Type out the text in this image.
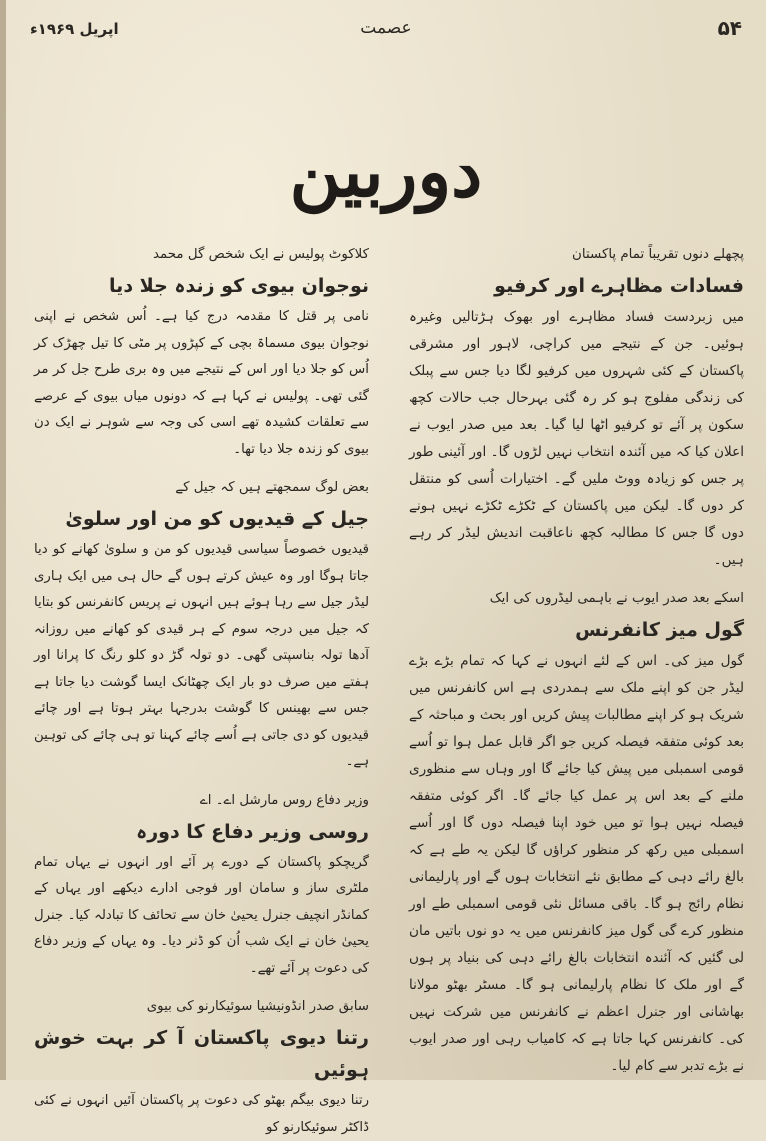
۵۴
عصمت
اپریل ۱۹۶۹ء
دوربین
پچھلے دنوں تقریباً تمام پاکستان
فسادات مظاہرے اور کرفیو

میں زبردست فساد مظاہرے اور بھوک ہڑتالیں وغیرہ ہوئیں۔ جن کے نتیجے میں کراچی، لاہور اور مشرقی پاکستان کے کئی شہروں میں کرفیو لگا دیا جس سے پبلک کی زندگی مفلوج ہو کر رہ گئی بہرحال جب حالات کچھ سکون پر آئے تو کرفیو اٹھا لیا گیا۔ بعد میں صدر ایوب نے اعلان کیا کہ میں آئندہ انتخاب نہیں لڑوں گا۔ اور آئینی طور پر جس کو زیادہ ووٹ ملیں گے۔ اختیارات اُسی کو منتقل کر دوں گا۔ لیکن میں پاکستان کے ٹکڑے ٹکڑے نہیں ہونے دوں گا جس کا مطالبہ کچھ ناعاقبت اندیش لیڈر کر رہے ہیں۔

اسکے بعد صدر ایوب نے باہمی لیڈروں کی ایک
گول میز کانفرنس

گول میز کی۔ اس کے لئے انہوں نے کہا کہ تمام بڑے بڑے لیڈر جن کو اپنے ملک سے ہمدردی ہے اس کانفرنس میں شریک ہو کر اپنے مطالبات پیش کریں اور بحث و مباحثہ کے بعد کوئی متفقہ فیصلہ کریں جو اگر قابل عمل ہوا تو اُسے قومی اسمبلی میں پیش کیا جائے گا اور وہاں سے منظوری ملنے کے بعد اس پر عمل کیا جائے گا۔ اگر کوئی متفقہ فیصلہ نہیں ہوا تو میں خود اپنا فیصلہ دوں گا اور اُسے اسمبلی میں رکھ کر منظور کراؤں گا لیکن یہ طے ہے کہ بالغ رائے دہی کے مطابق نئے انتخابات ہوں گے اور پارلیمانی نظام رائج ہو گا۔ باقی مسائل نئی قومی اسمبلی طے اور منظور کرے گی گول میز کانفرنس میں یہ دو نوں باتیں مان لی گئیں کہ آئندہ انتخابات بالغ رائے دہی کی بنیاد پر ہوں گے اور ملک کا نظام پارلیمانی ہو گا۔ مسٹر بھٹو مولانا بھاشانی اور جنرل اعظم نے کانفرنس میں شرکت نہیں کی۔ کانفرنس کہا جاتا ہے کہ کامیاب رہی اور صدر ایوب نے بڑے تدبر سے کام لیا۔

کلاکوٹ پولیس نے ایک شخص گل محمد
نوجوان بیوی کو زندہ جلا دیا

نامی پر قتل کا مقدمہ درج کیا ہے۔ اُس شخص نے اپنی نوجوان بیوی مسماۃ بچی کے کپڑوں پر مٹی کا تیل چھڑک کر اُس کو جلا دیا اور اس کے نتیجے میں وہ بری طرح جل کر مر گئی تھی۔ پولیس نے کہا ہے کہ دونوں میاں بیوی کے عرصے سے تعلقات کشیدہ تھے اسی کی وجہ سے شوہر نے ایک دن بیوی کو زندہ جلا دیا تھا۔

بعض لوگ سمجھتے ہیں کہ جیل کے
جیل کے قیدیوں کو من اور سلویٰ

قیدیوں خصوصاً سیاسی قیدیوں کو من و سلویٰ کھانے کو دیا جاتا ہوگا اور وہ عیش کرتے ہوں گے حال ہی میں ایک ہاری لیڈر جیل سے رہا ہوئے ہیں انہوں نے پریس کانفرنس کو بتایا کہ جیل میں درجہ سوم کے ہر قیدی کو کھانے میں روزانہ آدھا تولہ بناسپتی گھی۔ دو تولہ گڑ دو کلو رنگ کا پرانا اور ہفتے میں صرف دو بار ایک چھٹانک ایسا گوشت دیا جاتا ہے جس سے بھینس کا گوشت بدرجہا بہتر ہوتا ہے اور چائے قیدیوں کو دی جاتی ہے اُسے چائے کہنا تو ہی چائے کی توہین ہے۔

وزیر دفاع روس مارشل اے۔ اے
روسی وزیر دفاع کا دورہ

گریچکو پاکستان کے دورے پر آئے اور انہوں نے یہاں تمام ملٹری ساز و سامان اور فوجی ادارے دیکھے اور یہاں کے کمانڈر انچیف جنرل یحییٰ خان سے تحائف کا تبادلہ کیا۔ جنرل یحییٰ خان نے ایک شب اُن کو ڈنر دیا۔ وہ یہاں کے وزیر دفاع کی دعوت پر آئے تھے۔

سابق صدر انڈونیشیا سوئیکارنو کی بیوی
رتنا دیوی پاکستان آ کر بہت خوش ہوئیں

رتنا دیوی بیگم بھٹو کی دعوت پر پاکستان آئیں انہوں نے کئی ڈاکٹر سوئیکارنو کو
